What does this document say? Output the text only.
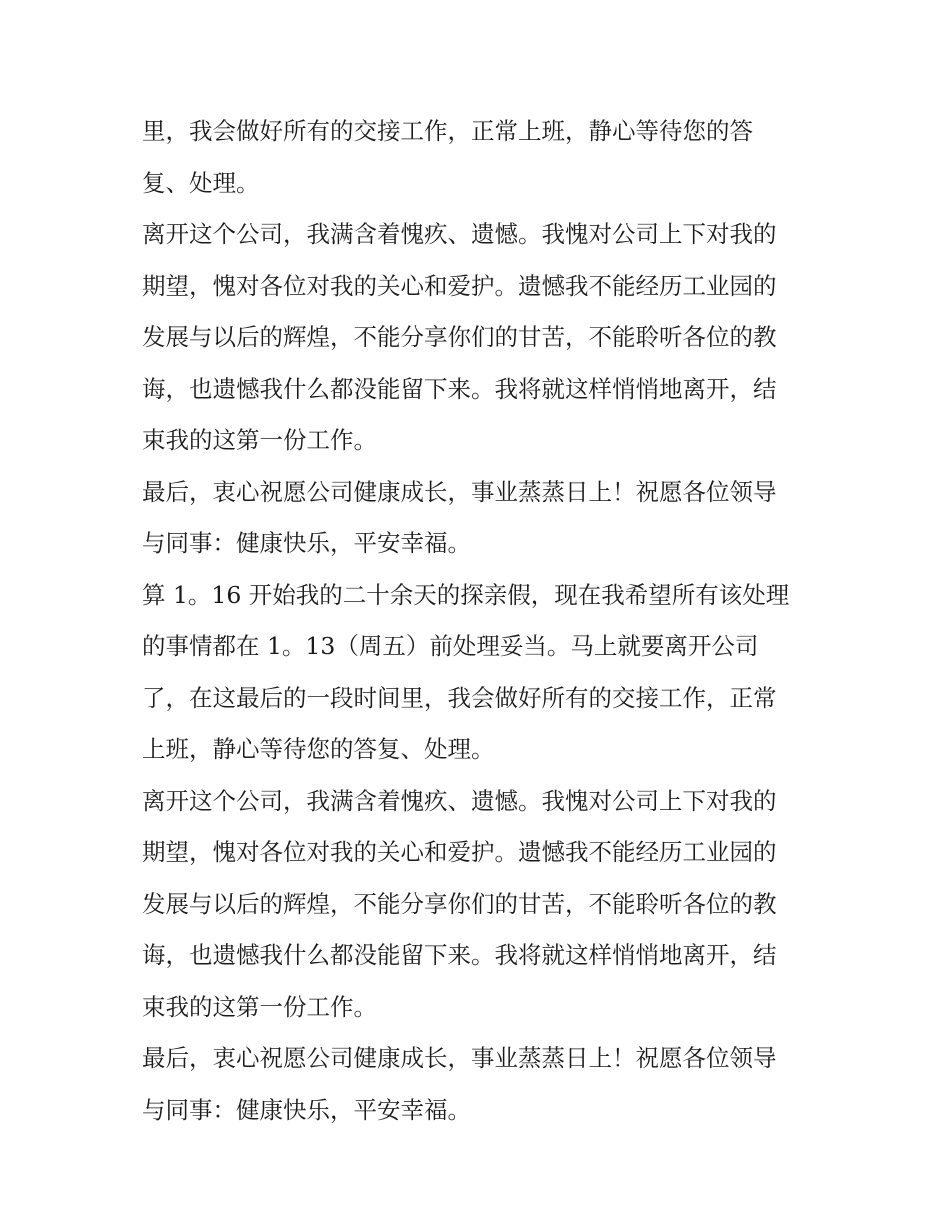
里，我会做好所有的交接工作，正常上班，静心等待您的答
复、处理。
离开这个公司，我满含着愧疚、遗憾。我愧对公司上下对我的
期望，愧对各位对我的关心和爱护。遗憾我不能经历工业园的
发展与以后的辉煌，不能分享你们的甘苦，不能聆听各位的教
诲，也遗憾我什么都没能留下来。我将就这样悄悄地离开，结
束我的这第一份工作。
最后，衷心祝愿公司健康成长，事业蒸蒸日上！祝愿各位领导
与同事：健康快乐，平安幸福。
算 1。16 开始我的二十余天的探亲假，现在我希望所有该处理
的事情都在 1。13（周五）前处理妥当。马上就要离开公司
了，在这最后的一段时间里，我会做好所有的交接工作，正常
上班，静心等待您的答复、处理。
离开这个公司，我满含着愧疚、遗憾。我愧对公司上下对我的
期望，愧对各位对我的关心和爱护。遗憾我不能经历工业园的
发展与以后的辉煌，不能分享你们的甘苦，不能聆听各位的教
诲，也遗憾我什么都没能留下来。我将就这样悄悄地离开，结
束我的这第一份工作。
最后，衷心祝愿公司健康成长，事业蒸蒸日上！祝愿各位领导
与同事：健康快乐，平安幸福。
